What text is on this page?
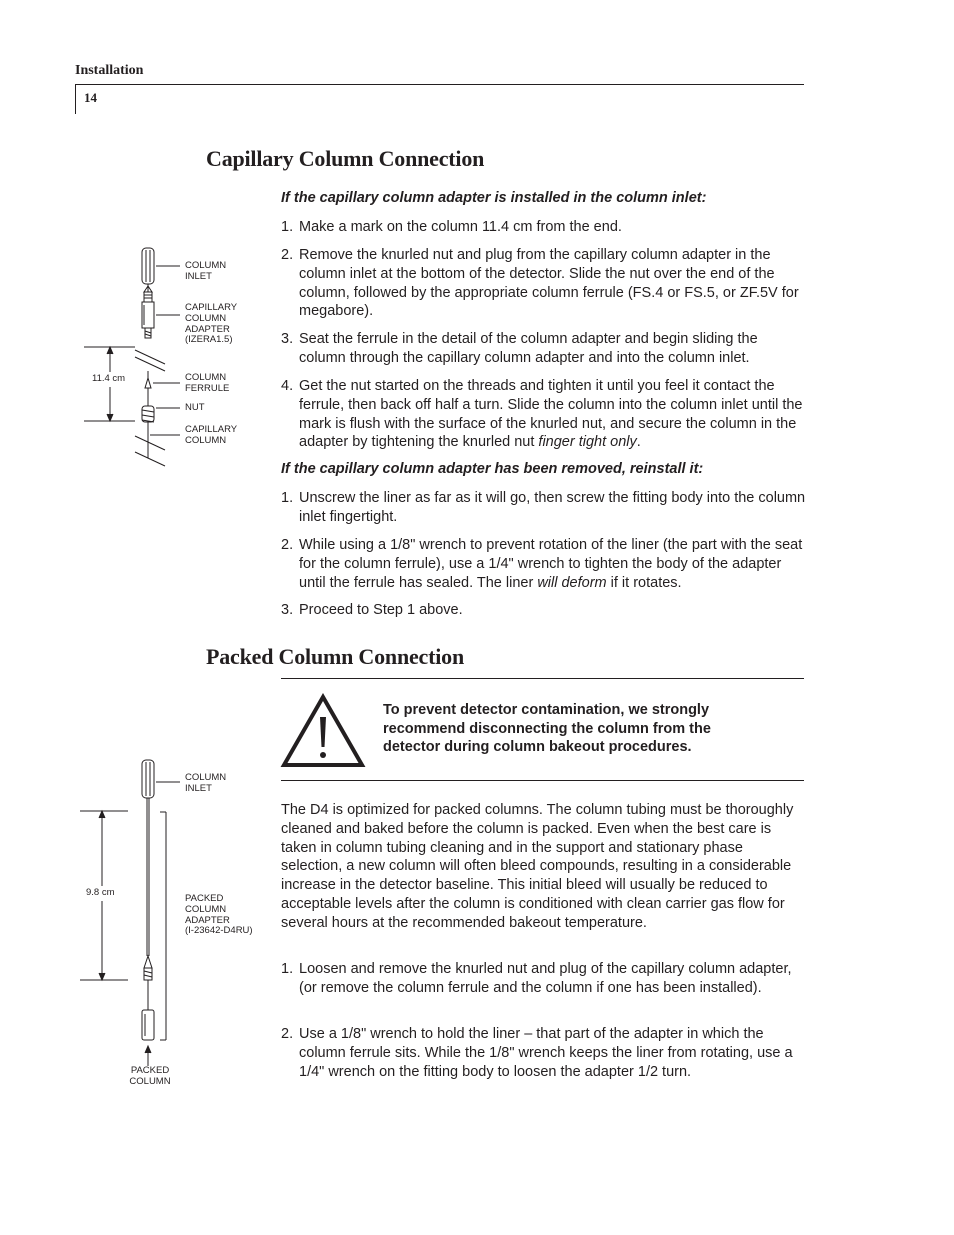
Installation
14
Capillary Column Connection

If the capillary column adapter is installed in the column inlet:

1. Make a mark on the column 11.4 cm from the end.
2. Remove the knurled nut and plug from the capillary column adapter in the column inlet at the bottom of the detector. Slide the nut over the end of the column, followed by the appropriate column ferrule (FS.4 or FS.5, or ZF.5V for megabore).
3. Seat the ferrule in the detail of the column adapter and begin sliding the column through the capillary column adapter and into the column inlet.
4. Get the nut started on the threads and tighten it until you feel it contact the ferrule, then back off half a turn. Slide the column into the column inlet until the mark is flush with the surface of the knurled nut, and secure the column in the adapter by tightening the knurled nut finger tight only.

If the capillary column adapter has been removed, reinstall it:

1. Unscrew the liner as far as it will go, then screw the fitting body into the column inlet fingertight.
2. While using a 1/8" wrench to prevent rotation of the liner (the part with the seat for the column ferrule), use a 1/4" wrench to tighten the body of the adapter until the ferrule has sealed. The liner will deform if it rotates.
3. Proceed to Step 1 above.
11.4 cm
COLUMN
INLET
CAPILLARY
COLUMN
ADAPTER
(IZERA1.5)
COLUMN
FERRULE
NUT
CAPILLARY
COLUMN
Packed Column Connection

To prevent detector contamination, we strongly recommend disconnecting the column from the detector during column bakeout procedures.

The D4 is optimized for packed columns. The column tubing must be thoroughly cleaned and baked before the column is packed. Even when the best care is taken in column tubing cleaning and in the support and stationary phase selection, a new column will often bleed compounds, resulting in a considerable increase in the detector baseline. This initial bleed will usually be reduced to acceptable levels after the column is conditioned with clean carrier gas flow for several hours at the recommended bakeout temperature.

1. Loosen and remove the knurled nut and plug of the capillary column adapter, (or remove the column ferrule and the column if one has been installed).
2. Use a 1/8" wrench to hold the liner – that part of the adapter in which the column ferrule sits. While the 1/8" wrench keeps the liner from rotating, use a 1/4" wrench on the fitting body to loosen the adapter 1/2 turn.
9.8 cm
COLUMN
INLET
PACKED
COLUMN
ADAPTER
(I-23642-D4RU)
PACKED
COLUMN
